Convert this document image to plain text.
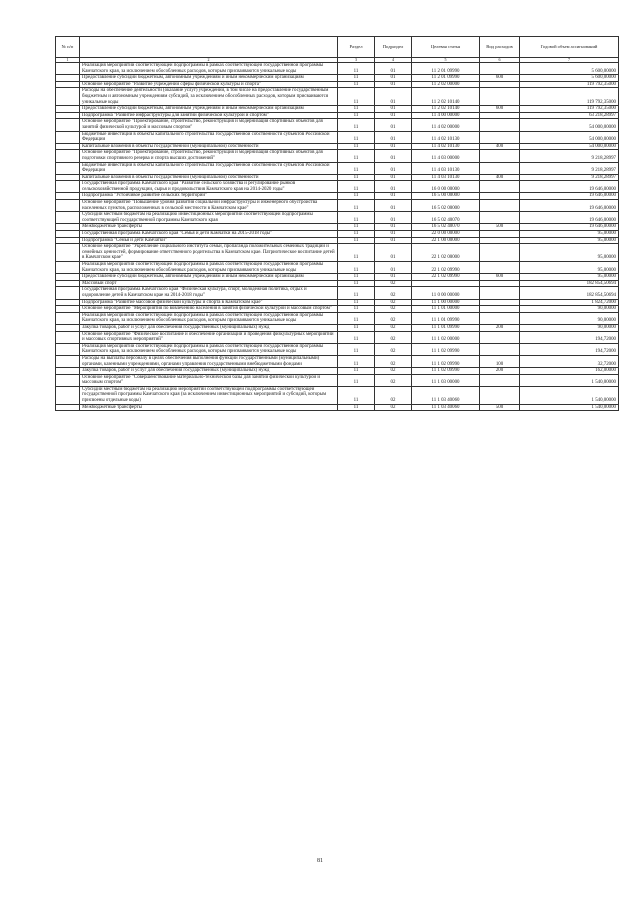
№ п/п		Раздел	Подраздел	Целевая статья	Вид расходов	Годовой объем ассигнований
1	2	3	4	5	6	7
	Реализация мероприятий соответствующей подпрограммы в рамках соответствующей государственной программы Камчатского края, за исключением обособленных расходов, которым присваиваются уникальные коды	11	01	11 2 01 09990		5 600,00000
	Предоставление субсидий бюджетным, автономным учреждениям и иным некоммерческим организациям	11	01	11 2 01 09990	600	5 600,00000
	Основное мероприятие "Развитие учреждений сферы физической культуры и спорта"	11	01	11 2 02 00000		119 792,35000
	Расходы на обеспечение деятельности (оказание услуг) учреждений, в том числе на предоставление государственным бюджетным и автономным учреждениям субсидий, за исключением обособленных расходов, которым присваиваются уникальные коды	11	01	11 2 02 10140		119 792,35000
	Предоставление субсидий бюджетным, автономным учреждениям и иным некоммерческим организациям	11	01	11 2 02 10140	600	119 792,35000
	Подпрограмма "Развитие инфраструктуры для занятий физической культурой и спортом"	11	01	11 4 00 00000		63 218,28997
	Основное мероприятие "Проектирование, строительство, реконструкция и модернизация спортивных объектов для занятий физической культурой и массовым спортом"	11	01	11 4 02 00000		54 000,00000
	Бюджетные инвестиции в объекты капитального строительства государственной собственности субъектов Российской Федерации	11	01	11 4 02 10130		54 000,00000
	Капитальные вложения в объекты государственной (муниципальной) собственности	11	01	11 4 02 10130	400	54 000,00000
	Основное мероприятие "Проектирование, строительство, реконструкция и модернизация спортивных объектов для подготовки спортивного резерва и спорта высших достижений"	11	01	11 4 03 00000		9 218,28997
	Бюджетные инвестиции в объекты капитального строительства государственной собственности субъектов Российской Федерации	11	01	11 4 03 10130		9 218,28997
	Капитальные вложения в объекты государственной (муниципальной) собственности	11	01	11 4 03 10130	400	9 218,28997
	Государственная программа Камчатского края "Развитие сельского хозяйства и регулирование рынков сельскохозяйственной продукции, сырья и продовольствия Камчатского края на 2014-2020 годы"	11	01	16 0 00 00000		19 646,00000
	Подпрограмма "Устойчивое развитие сельских территорий"	11	01	16 5 00 00000		19 646,00000
	Основное мероприятие "Повышение уровня развития социальной инфраструктуры и инженерного обустройства населенных пунктов, расположенных в сельской местности в Камчатском крае"	11	01	16 5 02 00000		19 646,00000
	Субсидии местным бюджетам на реализацию инвестиционных мероприятий соответствующей подпрограммы соответствующей государственной программы Камчатского края	11	01	16 5 02 40070		19 646,00000
	Межбюджетные трансферты	11	01	16 5 02 40070	500	19 646,00000
	Государственная программа Камчатского края "Семья и дети Камчатки на 2015-2018 годы"	11	01	22 0 00 00000		95,00000
	Подпрограмма "Семья и дети Камчатки"	11	01	22 1 00 00000		95,00000
	Основное мероприятие "Укрепление социального института семьи, пропаганда положительных семейных традиций и семейных ценностей, формирование ответственного родительства в Камчатском крае. Патриотическое воспитание детей в Камчатском крае"	11	01	22 1 02 00000		95,00000
	Реализация мероприятий соответствующей подпрограммы в рамках соответствующей государственной программы Камчатского края, за исключением обособленных расходов, которым присваиваются уникальные коды	11	01	22 1 02 09990		95,00000
	Предоставление субсидий бюджетным, автономным учреждениям и иным некоммерческим организациям	11	01	22 1 02 09990	600	95,00000
	Массовый спорт	11	02			182 854,50694
	Государственная программа Камчатского края "Физическая культура, спорт, молодежная политика, отдых и оздоровление детей в Камчатском крае на 2014-2018 годы"	11	02	11 0 00 00000		182 854,50694
	Подпрограмма "Развитие массовой физической культуры и спорта в Камчатском крае"	11	02	11 1 00 00000		1 824,72000
	Основное мероприятие "Мероприятия по вовлечению населения в занятия физической культурой и массовым спортом"	11	02	11 1 01 00000		90,00000
	Реализация мероприятий соответствующей подпрограммы в рамках соответствующей государственной программы Камчатского края, за исключением обособленных расходов, которым присваиваются уникальные коды	11	02	11 1 01 09990		90,00000
	Закупка товаров, работ и услуг для обеспечения государственных (муниципальных) нужд	11	02	11 1 01 09990	200	90,00000
	Основное мероприятие "Физическое воспитание и обеспечение организации и проведения физкультурных мероприятий и массовых спортивных мероприятий"	11	02	11 1 02 00000		194,72000
	Реализация мероприятий соответствующей подпрограммы в рамках соответствующей государственной программы Камчатского края, за исключением обособленных расходов, которым присваиваются уникальные коды	11	02	11 1 02 09990		194,72000
	Расходы на выплаты персоналу в целях обеспечения выполнения функций государственными (муниципальными) органами, казенными учреждениями, органами управления государственными внебюджетными фондами	11	02	11 1 02 09990	100	32,72000
	Закупка товаров, работ и услуг для обеспечения государственных (муниципальных) нужд	11	02	11 1 02 09990	200	162,00000
	Основное мероприятие "Совершенствование материально-технической базы для занятий физической культурой и массовым спортом"	11	02	11 1 03 00000		1 540,00000
	Субсидии местным бюджетам на реализацию мероприятий соответствующей подпрограммы соответствующей государственной программы Камчатского края (за исключением инвестиционных мероприятий и субсидий, которым присвоены отдельные коды)	11	02	11 1 03 40060		1 540,00000
	Межбюджетные трансферты	11	02	11 1 03 40060	500	1 540,00000
81
